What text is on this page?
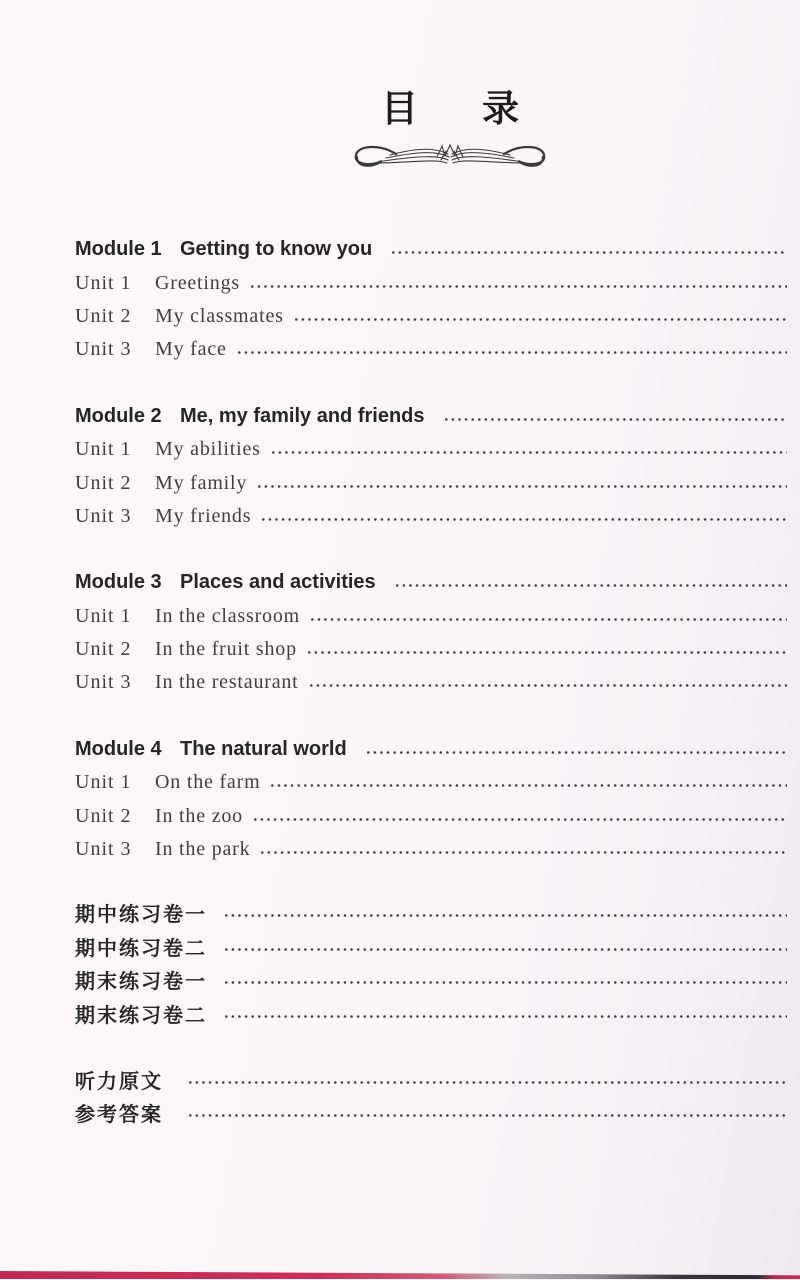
目 录
Module 1 Getting to know you
Unit 1	Greetings
Unit 2	My classmates
Unit 3	My face
Module 2 Me, my family and friends
Unit 1	My abilities
Unit 2	My family
Unit 3	My friends
Module 3 Places and activities
Unit 1	In the classroom
Unit 2	In the fruit shop
Unit 3	In the restaurant
Module 4 The natural world
Unit 1	On the farm
Unit 2	In the zoo
Unit 3	In the park
期中练习卷一
期中练习卷二
期末练习卷一
期末练习卷二
听力原文
参考答案
